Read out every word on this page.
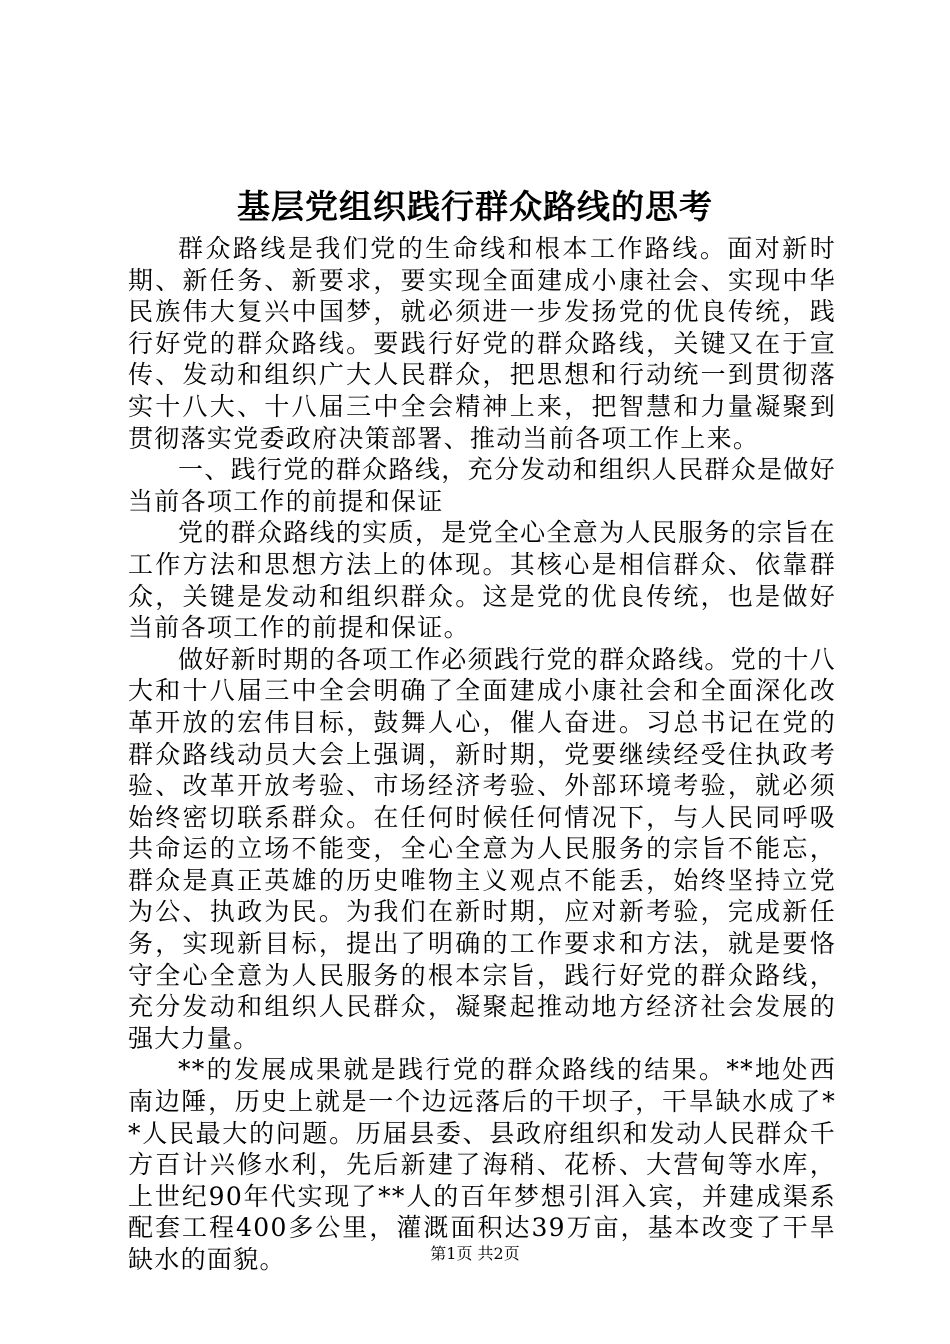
基层党组织践行群众路线的思考

群众路线是我们党的生命线和根本工作路线。面对新时期、新任务、新要求，要实现全面建成小康社会、实现中华民族伟大复兴中国梦，就必须进一步发扬党的优良传统，践行好党的群众路线。要践行好党的群众路线，关键又在于宣传、发动和组织广大人民群众，把思想和行动统一到贯彻落实十八大、十八届三中全会精神上来，把智慧和力量凝聚到贯彻落实党委政府决策部署、推动当前各项工作上来。

一、践行党的群众路线，充分发动和组织人民群众是做好当前各项工作的前提和保证

党的群众路线的实质，是党全心全意为人民服务的宗旨在工作方法和思想方法上的体现。其核心是相信群众、依靠群众，关键是发动和组织群众。这是党的优良传统，也是做好当前各项工作的前提和保证。

做好新时期的各项工作必须践行党的群众路线。党的十八大和十八届三中全会明确了全面建成小康社会和全面深化改革开放的宏伟目标，鼓舞人心，催人奋进。习总书记在党的群众路线动员大会上强调，新时期，党要继续经受住执政考验、改革开放考验、市场经济考验、外部环境考验，就必须始终密切联系群众。在任何时候任何情况下，与人民同呼吸共命运的立场不能变，全心全意为人民服务的宗旨不能忘，群众是真正英雄的历史唯物主义观点不能丢，始终坚持立党为公、执政为民。为我们在新时期，应对新考验，完成新任务，实现新目标，提出了明确的工作要求和方法，就是要恪守全心全意为人民服务的根本宗旨，践行好党的群众路线，充分发动和组织人民群众，凝聚起推动地方经济社会发展的强大力量。

**的发展成果就是践行党的群众路线的结果。**地处西南边陲，历史上就是一个边远落后的干坝子，干旱缺水成了**人民最大的问题。历届县委、县政府组织和发动人民群众千方百计兴修水利，先后新建了海稍、花桥、大营甸等水库，上世纪90年代实现了**人的百年梦想引洱入宾，并建成渠系配套工程400多公里，灌溉面积达39万亩，基本改变了干旱缺水的面貌。	第1页 共2页
